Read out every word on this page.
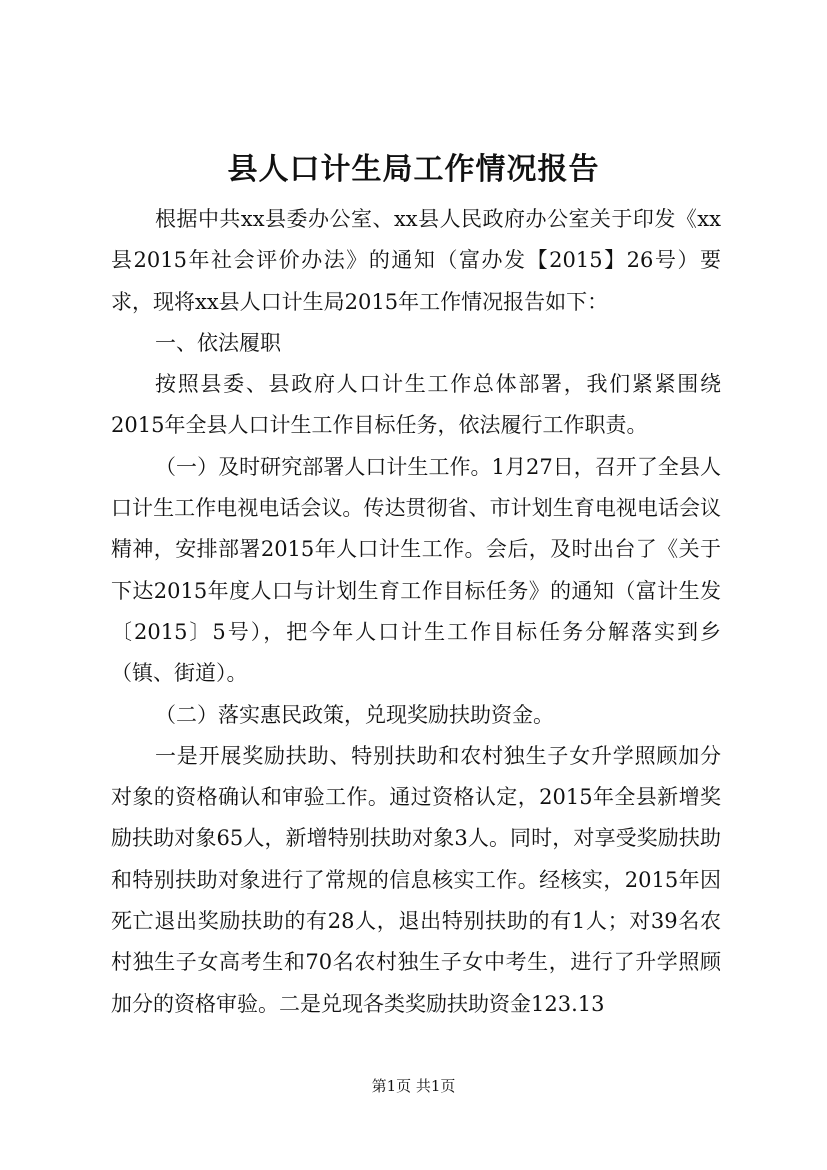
县人口计生局工作情况报告

根据中共xx县委办公室、xx县人民政府办公室关于印发《xx县2015年社会评价办法》的通知（富办发【2015】26号）要求，现将xx县人口计生局2015年工作情况报告如下：

一、依法履职

按照县委、县政府人口计生工作总体部署，我们紧紧围绕2015年全县人口计生工作目标任务，依法履行工作职责。

（一）及时研究部署人口计生工作。1月27日，召开了全县人口计生工作电视电话会议。传达贯彻省、市计划生育电视电话会议精神，安排部署2015年人口计生工作。会后，及时出台了《关于下达2015年度人口与计划生育工作目标任务》的通知（富计生发〔2015〕5号），把今年人口计生工作目标任务分解落实到乡（镇、街道）。

（二）落实惠民政策，兑现奖励扶助资金。

一是开展奖励扶助、特别扶助和农村独生子女升学照顾加分对象的资格确认和审验工作。通过资格认定，2015年全县新增奖励扶助对象65人，新增特别扶助对象3人。同时，对享受奖励扶助和特别扶助对象进行了常规的信息核实工作。经核实，2015年因死亡退出奖励扶助的有28人，退出特别扶助的有1人；对39名农村独生子女高考生和70名农村独生子女中考生，进行了升学照顾加分的资格审验。二是兑现各类奖励扶助资金123.13

第1页 共1页
